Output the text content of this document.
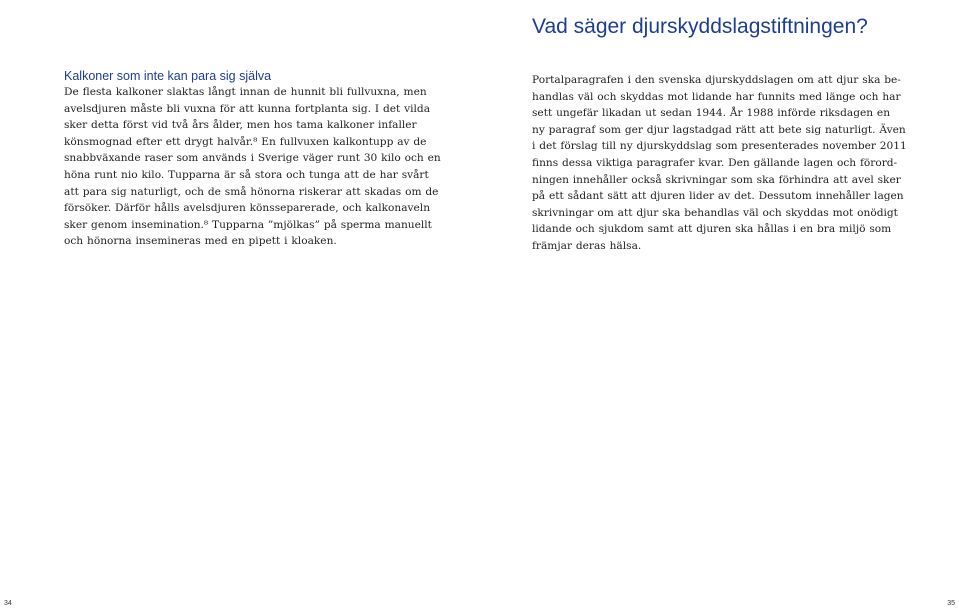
Vad säger djurskyddslagstiftningen?

Kalkoner som inte kan para sig själva

De flesta kalkoner slaktas långt innan de hunnit bli fullvuxna, men
avelsdjuren måste bli vuxna för att kunna fortplanta sig. I det vilda
sker detta först vid två års ålder, men hos tama kalkoner infaller
könsmognad efter ett drygt halvår.⁸ En fullvuxen kalkontupp av de
snabbväxande raser som används i Sverige väger runt 30 kilo och en
höna runt nio kilo. Tupparna är så stora och tunga att de har svårt
att para sig naturligt, och de små hönorna riskerar att skadas om de
försöker. Därför hålls avelsdjuren könsseparerade, och kalkonaveln
sker genom insemination.⁸ Tupparna ”mjölkas” på sperma manuellt
och hönorna insemineras med en pipett i kloaken.

Portalparagrafen i den svenska djurskyddslagen om att djur ska be-
handlas väl och skyddas mot lidande har funnits med länge och har
sett ungefär likadan ut sedan 1944. År 1988 införde riksdagen en
ny paragraf som ger djur lagstadgad rätt att bete sig naturligt. Även
i det förslag till ny djurskyddslag som presenterades november 2011
finns dessa viktiga paragrafer kvar. Den gällande lagen och förord-
ningen innehåller också skrivningar som ska förhindra att avel sker
på ett sådant sätt att djuren lider av det. Dessutom innehåller lagen
skrivningar om att djur ska behandlas väl och skyddas mot onödigt
lidande och sjukdom samt att djuren ska hållas i en bra miljö som
främjar deras hälsa.

34	35
